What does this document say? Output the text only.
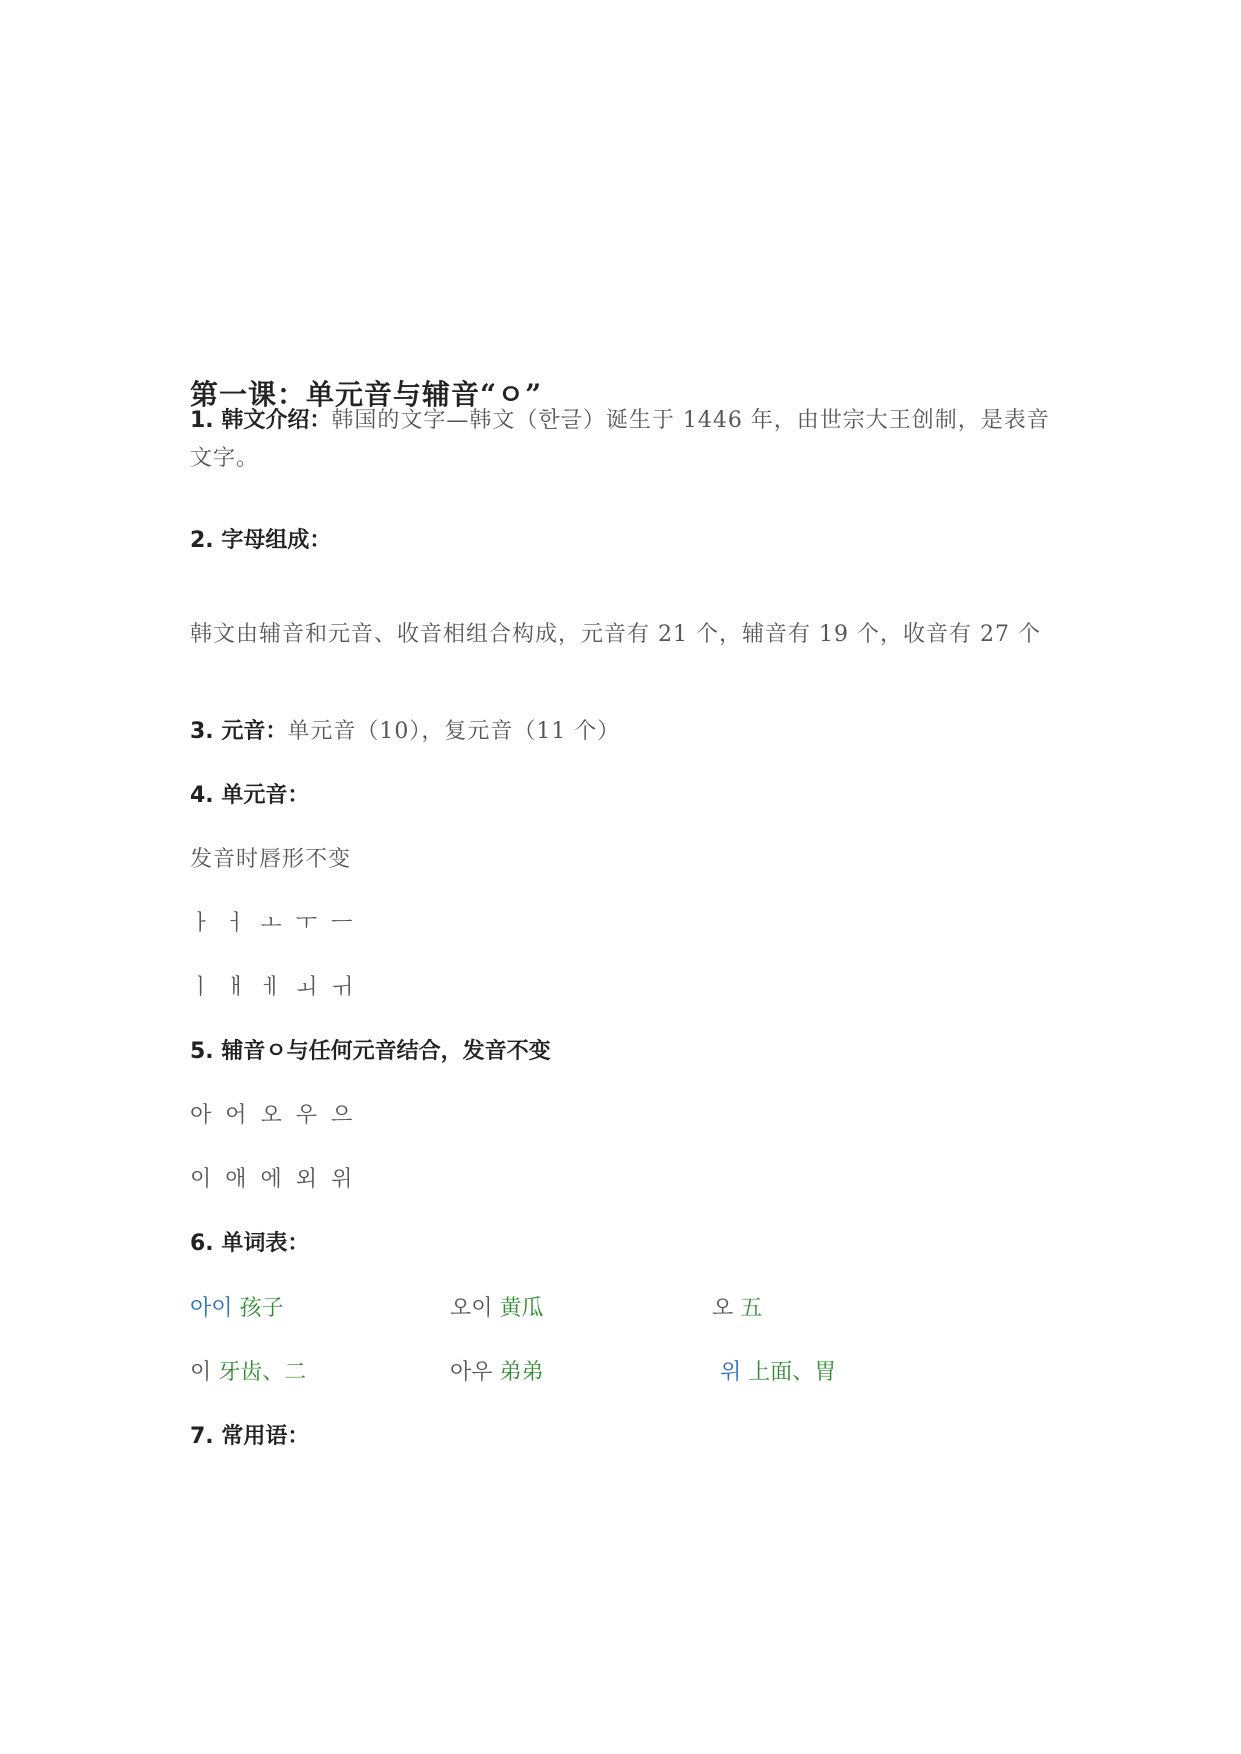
第一课：单元音与辅音“ㅇ”
1. 韩文介绍：韩国的文字—韩文（한글）诞生于 1446 年，由世宗大王创制，是表音文字。
2. 字母组成：
韩文由辅音和元音、收音相组合构成，元音有 21 个，辅音有 19 个，收音有 27 个
3. 元音：单元音（10），复元音（11 个）
4. 单元音：
发音时唇形不变
ㅏ ㅓ ㅗ ㅜ ㅡ
ㅣ ㅐ ㅔ ㅚ ㅟ
5. 辅音ㅇ与任何元音结合，发音不变
아 어 오 우 으
이 애 에 외 위
6. 单词表：
아이 孩子	오이 黄瓜	오 五
이 牙齿、二	아우 弟弟	위 上面、胃
7. 常用语：
